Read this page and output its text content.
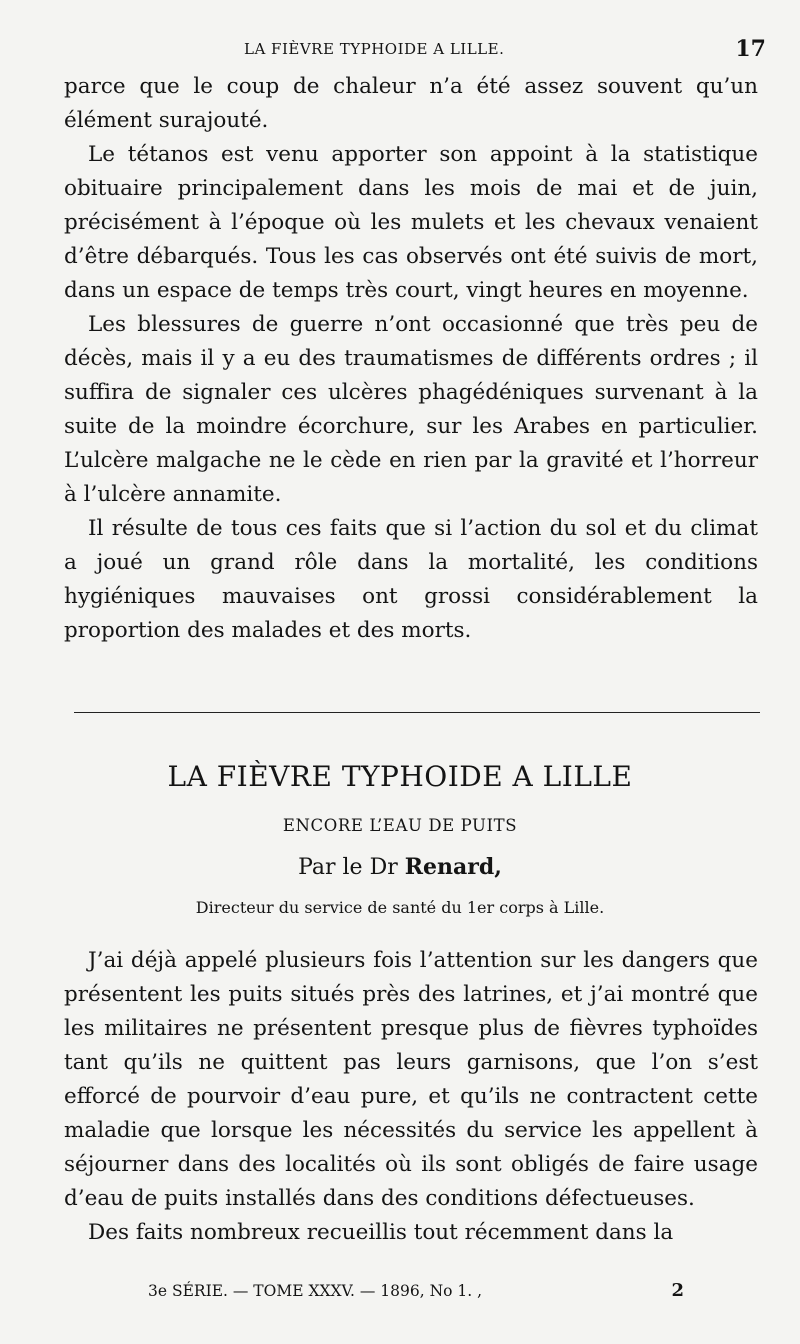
LA FIÈVRE TYPHOIDE A LILLE.	17

parce que le coup de chaleur n’a été assez souvent qu’un élément surajouté.

Le tétanos est venu apporter son appoint à la statistique obituaire principalement dans les mois de mai et de juin, précisément à l’époque où les mulets et les chevaux venaient d’être débarqués. Tous les cas observés ont été suivis de mort, dans un espace de temps très court, vingt heures en moyenne.

Les blessures de guerre n’ont occasionné que très peu de décès, mais il y a eu des traumatismes de différents ordres ; il suffira de signaler ces ulcères phagédéniques survenant à la suite de la moindre écorchure, sur les Arabes en particulier. L’ulcère malgache ne le cède en rien par la gravité et l’horreur à l’ulcère annamite.

Il résulte de tous ces faits que si l’action du sol et du climat a joué un grand rôle dans la mortalité, les conditions hygiéniques mauvaises ont grossi considérablement la proportion des malades et des morts.

LA FIÈVRE TYPHOIDE A LILLE
ENCORE L’EAU DE PUITS
Par le Dr Renard,
Directeur du service de santé du 1er corps à Lille.

J’ai déjà appelé plusieurs fois l’attention sur les dangers que présentent les puits situés près des latrines, et j’ai montré que les militaires ne présentent presque plus de fièvres typhoïdes tant qu’ils ne quittent pas leurs garnisons, que l’on s’est efforcé de pourvoir d’eau pure, et qu’ils ne contractent cette maladie que lorsque les nécessités du service les appellent à séjourner dans des localités où ils sont obligés de faire usage d’eau de puits installés dans des conditions défectueuses.

Des faits nombreux recueillis tout récemment dans la

3e SÉRIE. — TOME XXXV. — 1896, No 1. ,	2
